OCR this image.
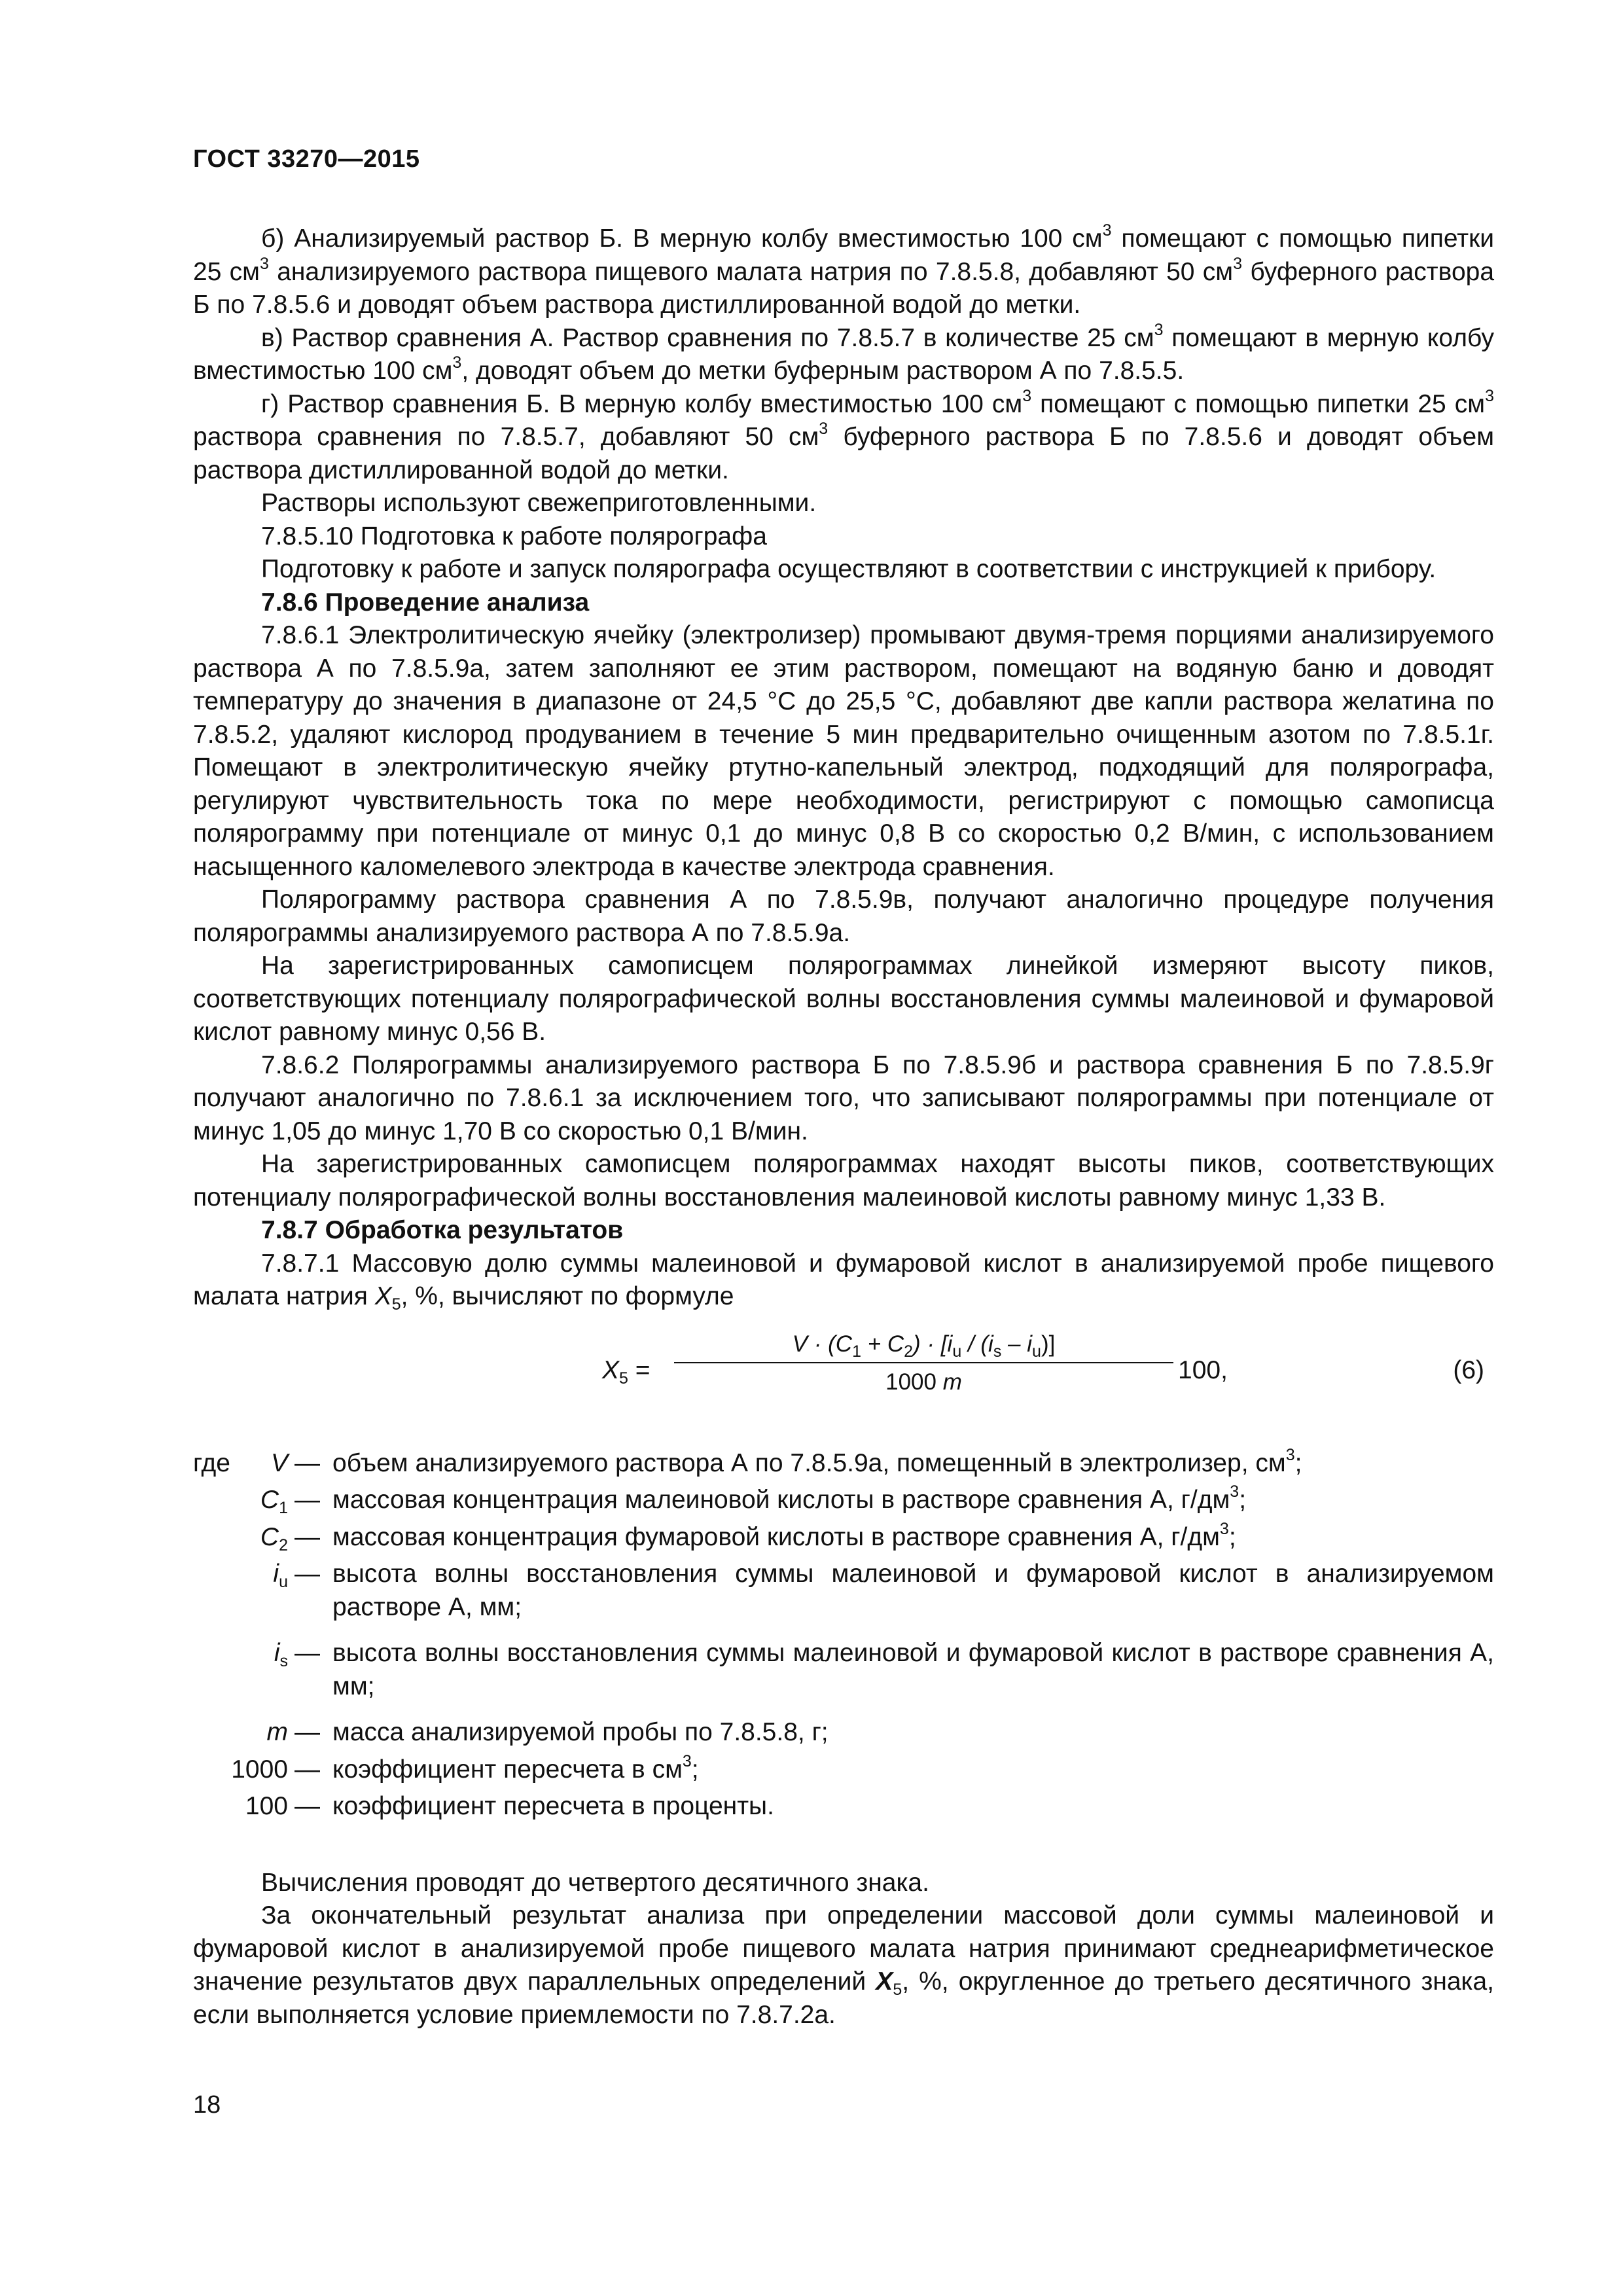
ГОСТ 33270—2015

б) Анализируемый раствор Б. В мерную колбу вместимостью 100 $см^3$ помещают с помощью пипетки 25 $см^3$ анализируемого раствора пищевого малата натрия по 7.8.5.8, добавляют 50 $см^3$ буферного раствора Б по 7.8.5.6 и доводят объем раствора дистиллированной водой до метки.

в) Раствор сравнения А. Раствор сравнения по 7.8.5.7 в количестве 25 $см^3$ помещают в мерную колбу вместимостью 100 $см^3$, доводят объем до метки буферным раствором А по 7.8.5.5.

г) Раствор сравнения Б. В мерную колбу вместимостью 100 $см^3$ помещают с помощью пипетки 25 $см^3$ раствора сравнения по 7.8.5.7, добавляют 50 $см^3$ буферного раствора Б по 7.8.5.6 и доводят объем раствора дистиллированной водой до метки.

Растворы используют свежеприготовленными.

7.8.5.10 Подготовка к работе полярографа

Подготовку к работе и запуск полярографа осуществляют в соответствии с инструкцией к прибору.

7.8.6 Проведение анализа

7.8.6.1 Электролитическую ячейку (электролизер) промывают двумя-тремя порциями анализируемого раствора А по 7.8.5.9а, затем заполняют ее этим раствором, помещают на водяную баню и доводят температуру до значения в диапазоне от 24,5 °С до 25,5 °С, добавляют две капли раствора желатина по 7.8.5.2, удаляют кислород продуванием в течение 5 мин предварительно очищенным азотом по 7.8.5.1г. Помещают в электролитическую ячейку ртутно-капельный электрод, подходящий для полярографа, регулируют чувствительность тока по мере необходимости, регистрируют с помощью самописца полярограмму при потенциале от минус 0,1 до минус 0,8 В со скоростью 0,2 В/мин, с использованием насыщенного каломелевого электрода в качестве электрода сравнения.

Полярограмму раствора сравнения А по 7.8.5.9в, получают аналогично процедуре получения полярограммы анализируемого раствора А по 7.8.5.9а.

На зарегистрированных самописцем полярограммах линейкой измеряют высоту пиков, соответствующих потенциалу полярографической волны восстановления суммы малеиновой и фумаровой кислот равному минус 0,56 В.

7.8.6.2 Полярограммы анализируемого раствора Б по 7.8.5.9б и раствора сравнения Б по 7.8.5.9г получают аналогично по 7.8.6.1 за исключением того, что записывают полярограммы при потенциале от минус 1,05 до минус 1,70 В со скоростью 0,1 В/мин.

На зарегистрированных самописцем полярограммах находят высоты пиков, соответствующих потенциалу полярографической волны восстановления малеиновой кислоты равному минус 1,33 В.

7.8.7 Обработка результатов

7.8.7.1 Массовую долю суммы малеиновой и фумаровой кислот в анализируемой пробе пищевого малата натрия $X_5$, %, вычисляют по формуле

$X_5$ =
$V \cdot (C_1 + C_2) \cdot [i_u / (i_s - i_u)]$
1000 m	100,	(6)
где	V — объем анализируемого раствора А по 7.8.5.9а, помещенный в электролизер, $см^3$;
$C_1$ — массовая концентрация малеиновой кислоты в растворе сравнения А, $г/дм^3$;
$C_2$ — массовая концентрация фумаровой кислоты в растворе сравнения А, $г/дм^3$;
$i_u$ — высота волны восстановления суммы малеиновой и фумаровой кислот в анализируемом растворе А, мм;
$i_s$ — высота волны восстановления суммы малеиновой и фумаровой кислот в растворе сравнения А, мм;
m — масса анализируемой пробы по 7.8.5.8, г;
1000 — коэффициент пересчета в $см^3$;
100 — коэффициент пересчета в проценты.

Вычисления проводят до четвертого десятичного знака.

За окончательный результат анализа при определении массовой доли суммы малеиновой и фумаровой кислот в анализируемой пробе пищевого малата натрия принимают среднеарифметическое значение результатов двух параллельных определений $X_5$, %, округленное до третьего десятичного знака, если выполняется условие приемлемости по 7.8.7.2а.

18
